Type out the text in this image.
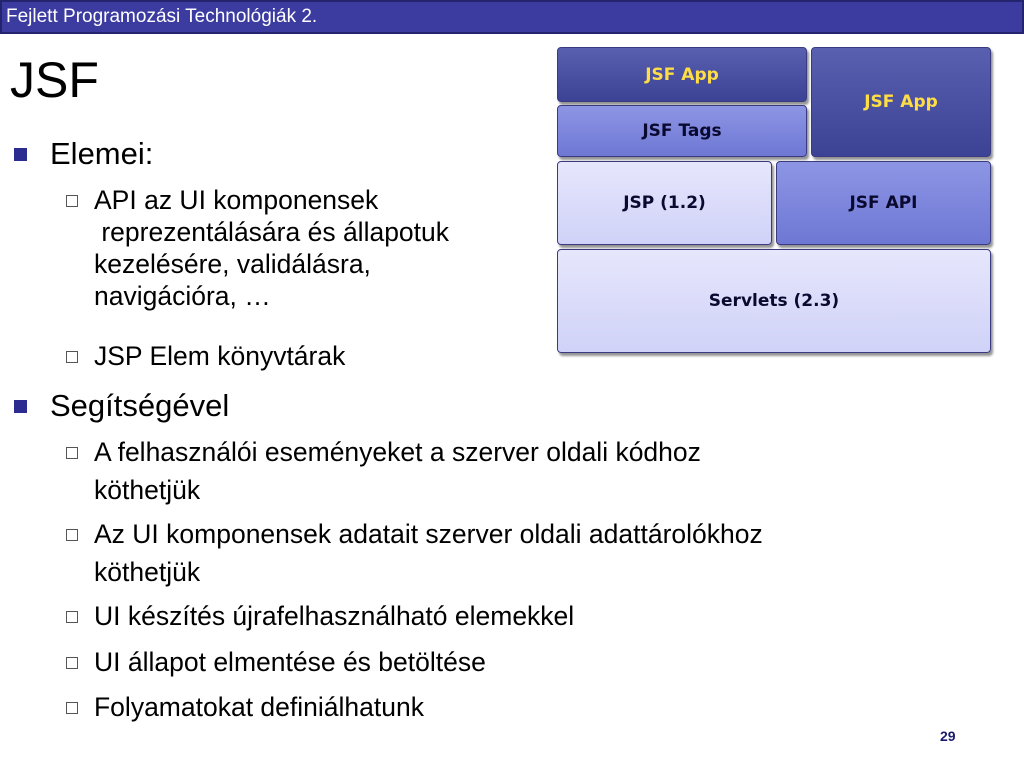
Fejlett Programozási Technológiák 2.
JSF
Elemei:
API az UI komponensek
reprezentálására és állapotuk
kezelésére, validálásra,
navigációra, …
JSP Elem könyvtárak
Segítségével
A felhasználói eseményeket a szerver oldali kódhoz
köthetjük
Az UI komponensek adatait szerver oldali adattárolókhoz
köthetjük
UI készítés újrafelhasználható elemekkel
UI állapot elmentése és betöltése
Folyamatokat definiálhatunk
JSF App
JSF App
JSF Tags
JSP (1.2)	JSF API
Servlets (2.3)
29
